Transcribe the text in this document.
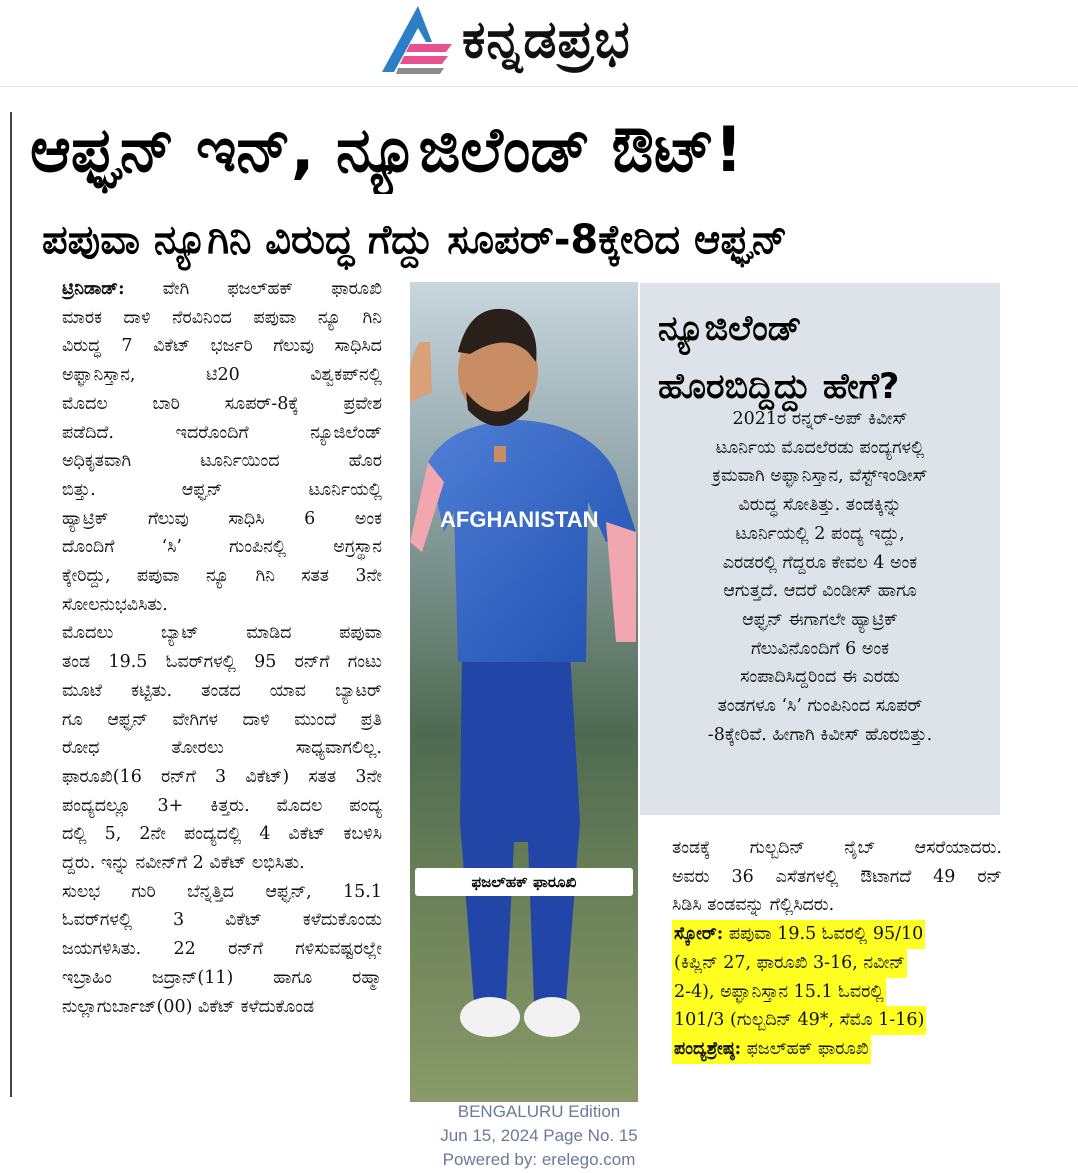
ಕನ್ನಡಪ್ರಭ
ಆಫ್ಘನ್ ಇನ್, ನ್ಯೂಜಿಲೆಂಡ್ ಔಟ್!
ಪಪುವಾ ನ್ಯೂಗಿನಿ ವಿರುದ್ಧ ಗೆದ್ದು ಸೂಪರ್-8ಕ್ಕೇರಿದ ಆಫ್ಘನ್
ಟ್ರಿನಿಡಾಡ್: ವೇಗಿ ಫಜಲ್‌ಹಕ್ ಫಾರೂಖಿ
ಮಾರಕ ದಾಳಿ ನೆರವಿನಿಂದ ಪಪುವಾ ನ್ಯೂ ಗಿನಿ
ವಿರುದ್ಧ 7 ವಿಕೆಟ್ ಭರ್ಜರಿ ಗೆಲುವು ಸಾಧಿಸಿದ
ಅಫ್ಘಾನಿಸ್ತಾನ, ಟಿ20 ವಿಶ್ವಕಪ್‌ನಲ್ಲಿ
ಮೊದಲ ಬಾರಿ ಸೂಪರ್-8ಕ್ಕೆ ಪ್ರವೇಶ
ಪಡೆದಿದೆ. ಇದರೊಂದಿಗೆ ನ್ಯೂಜಿಲೆಂಡ್
ಅಧಿಕೃತವಾಗಿ ಟೂರ್ನಿಯಿಂದ ಹೊರ
ಬಿತ್ತು. ಆಫ್ಘನ್ ಟೂರ್ನಿಯಲ್ಲಿ
ಹ್ಯಾಟ್ರಿಕ್ ಗೆಲುವು ಸಾಧಿಸಿ 6 ಅಂಕ
ದೊಂದಿಗೆ ‘ಸಿ’ ಗುಂಪಿನಲ್ಲಿ ಅಗ್ರಸ್ಥಾನ
ಕ್ಕೇರಿದ್ದು, ಪಪುವಾ ನ್ಯೂ ಗಿನಿ ಸತತ 3ನೇ
ಸೋಲನುಭವಿಸಿತು.
ಮೊದಲು ಬ್ಯಾಟ್ ಮಾಡಿದ ಪಪುವಾ
ತಂಡ 19.5 ಓವರ್‌ಗಳಲ್ಲಿ 95 ರನ್‌ಗೆ ಗಂಟು
ಮೂಟೆ ಕಟ್ಟಿತು. ತಂಡದ ಯಾವ ಬ್ಯಾಟರ್
ಗೂ ಆಫ್ಘನ್ ವೇಗಿಗಳ ದಾಳಿ ಮುಂದೆ ಪ್ರತಿ
ರೋಧ ತೋರಲು ಸಾಧ್ಯವಾಗಲಿಲ್ಲ.
ಫಾರೂಖಿ(16 ರನ್‌ಗೆ 3 ವಿಕೆಟ್) ಸತತ 3ನೇ
ಪಂದ್ಯದಲ್ಲೂ 3+ ಕಿತ್ತರು. ಮೊದಲ ಪಂದ್ಯ
ದಲ್ಲಿ 5, 2ನೇ ಪಂದ್ಯದಲ್ಲಿ 4 ವಿಕೆಟ್ ಕಬಳಿಸಿ
ದ್ದರು. ಇನ್ನು ನವೀನ್‌ಗೆ 2 ವಿಕೆಟ್ ಲಭಿಸಿತು.
ಸುಲಭ ಗುರಿ ಬೆನ್ನತ್ತಿದ ಆಫ್ಘನ್, 15.1
ಓವರ್‌ಗಳಲ್ಲಿ 3 ವಿಕೆಟ್ ಕಳೆದುಕೊಂಡು
ಜಯಗಳಿಸಿತು. 22 ರನ್‌ಗೆ ಗಳಿಸುವಷ್ಟರಲ್ಲೇ
ಇಬ್ರಾಹಿಂ ಜದ್ರಾನ್(11) ಹಾಗೂ ರಹ್ಮಾ
ನುಲ್ಲಾಗುರ್ಬಾಜ್(00) ವಿಕೆಟ್ ಕಳೆದುಕೊಂಡ
AFGHANISTAN
ಫಜಲ್‌ಹಕ್ ಫಾರೂಖಿ
ನ್ಯೂಜಿಲೆಂಡ್
ಹೊರಬಿದ್ದಿದ್ದು ಹೇಗೆ?
2021ರ ರನ್ನರ್-ಅಪ್ ಕಿವೀಸ್
ಟೂರ್ನಿಯ ಮೊದಲೆರಡು ಪಂದ್ಯಗಳಲ್ಲಿ
ಕ್ರಮವಾಗಿ ಅಫ್ಘಾನಿಸ್ತಾನ, ವೆಸ್ಟ್‌ಇಂಡೀಸ್
ವಿರುದ್ಧ ಸೋತಿತ್ತು. ತಂಡಕ್ಕಿನ್ನು
ಟೂರ್ನಿಯಲ್ಲಿ 2 ಪಂದ್ಯ ಇದ್ದು,
ಎರಡರಲ್ಲಿ ಗೆದ್ದರೂ ಕೇವಲ 4 ಅಂಕ
ಆಗುತ್ತದೆ. ಆದರೆ ವಿಂಡೀಸ್ ಹಾಗೂ
ಆಫ್ಘನ್ ಈಗಾಗಲೇ ಹ್ಯಾಟ್ರಿಕ್
ಗೆಲುವಿನೊಂದಿಗೆ 6 ಅಂಕ
ಸಂಪಾದಿಸಿದ್ದರಿಂದ ಈ ಎರಡು
ತಂಡಗಳೂ ‘ಸಿ’ ಗುಂಪಿನಿಂದ ಸೂಪರ್
-8ಕ್ಕೇರಿವೆ. ಹೀಗಾಗಿ ಕಿವೀಸ್ ಹೊರಬಿತ್ತು.
ತಂಡಕ್ಕೆ ಗುಲ್ಬದಿನ್ ನೈಬ್ ಆಸರೆಯಾದರು.
ಅವರು 36 ಎಸೆತಗಳಲ್ಲಿ ಔಟಾಗದೆ 49 ರನ್
ಸಿಡಿಸಿ ತಂಡವನ್ನು ಗೆಲ್ಲಿಸಿದರು.
ಸ್ಕೋರ್: ಪಪುವಾ 19.5 ಓವರಲ್ಲಿ 95/10
(ಕಿಪ್ಲಿನ್ 27, ಫಾರೂಖಿ 3-16, ನವೀನ್
2-4), ಅಫ್ಘಾನಿಸ್ತಾನ 15.1 ಓವರಲ್ಲಿ
101/3 (ಗುಲ್ಬದಿನ್ 49*, ಸೆಮೊ 1-16)
ಪಂದ್ಯಶ್ರೇಷ್ಠ: ಫಜಲ್‌ಹಕ್ ಫಾರೂಖಿ
BENGALURU Edition
Jun 15, 2024 Page No. 15
Powered by: erelego.com
